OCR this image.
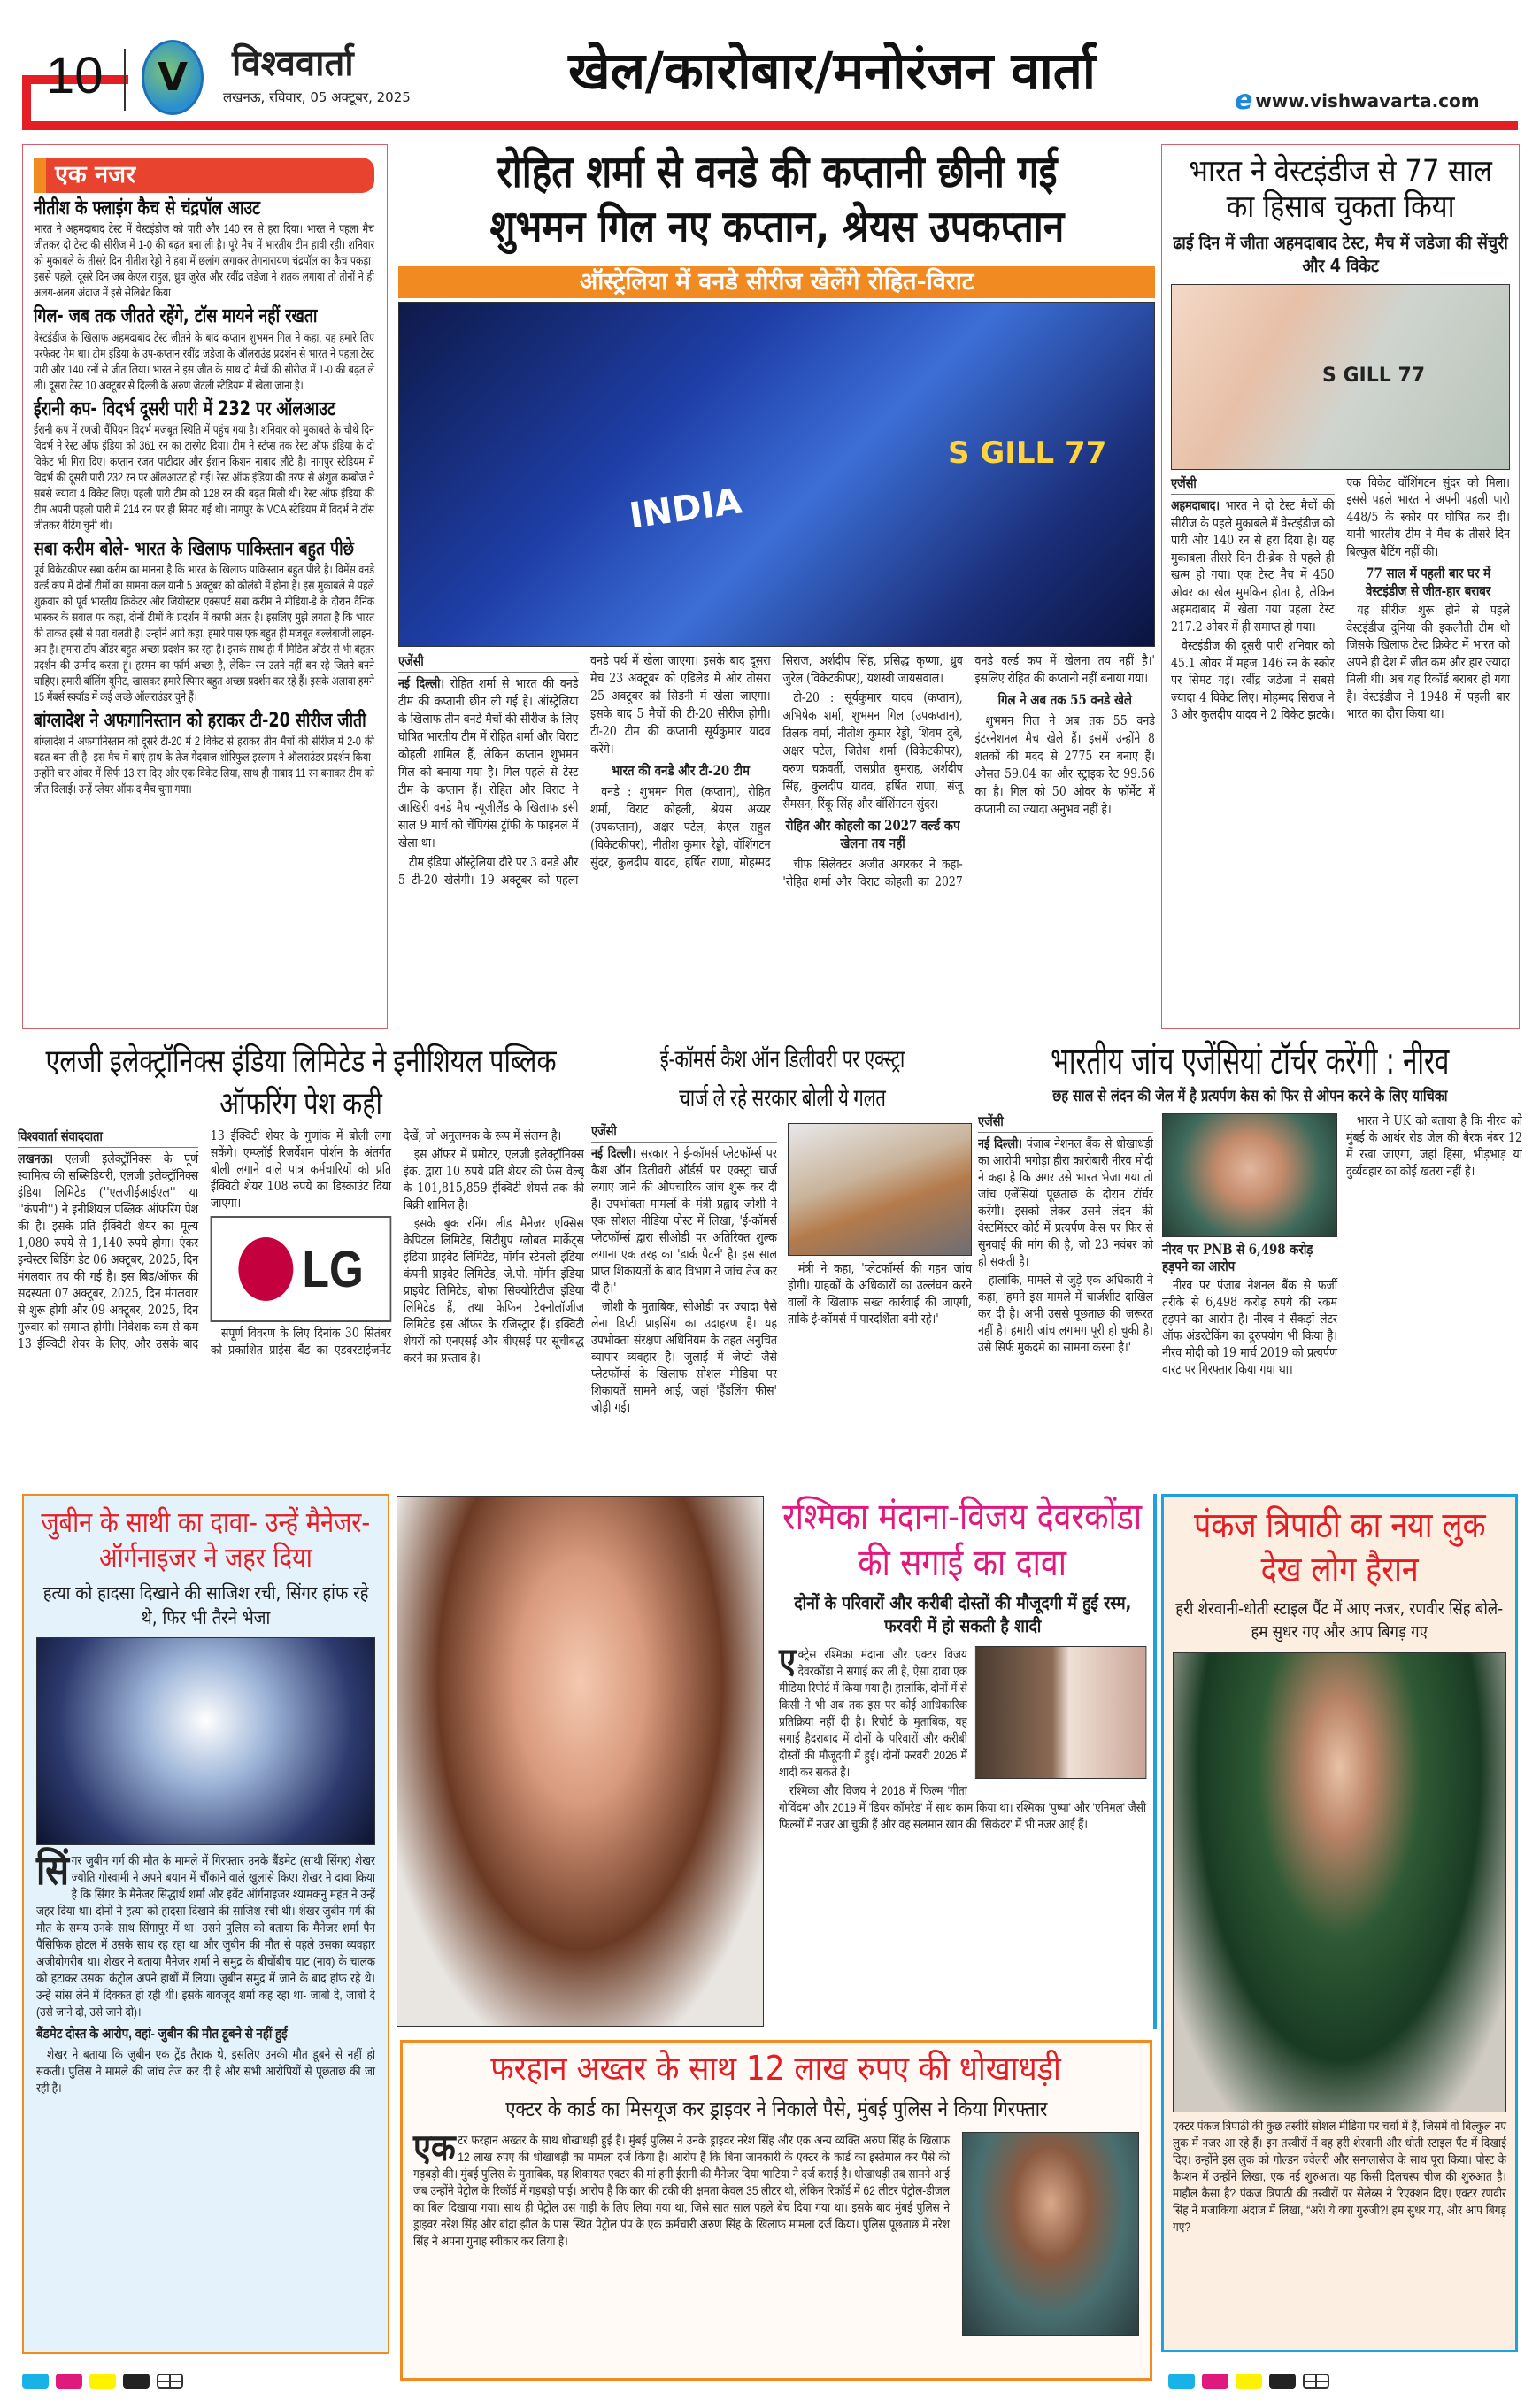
10	V	विश्ववार्ता
लखनऊ, रविवार, 05 अक्टूबर, 2025	खेल/कारोबार/मनोरंजन वार्ता	e www.vishwavarta.com
एक नजर
नीतीश के फ्लाइंग कैच से चंद्रपॉल आउट
भारत ने अहमदाबाद टेस्ट में वेस्टइंडीज को पारी और 140 रन से हरा दिया। भारत ने पहला मैच जीतकर दो टेस्ट की सीरीज में 1-0 की बढ़त बना ली है। पूरे मैच में भारतीय टीम हावी रही। शनिवार को मुकाबले के तीसरे दिन नीतीश रेड्डी ने हवा में छलांग लगाकर तेगनारायण चंद्रपॉल का कैच पकड़ा। इससे पहले, दूसरे दिन जब केएल राहुल, ध्रुव जुरेल और रवींद्र जडेजा ने शतक लगाया तो तीनों ने ही अलग-अलग अंदाज में इसे सेलिब्रेट किया।
गिल- जब तक जीतते रहेंगे, टॉस मायने नहीं रखता
वेस्टइंडीज के खिलाफ अहमदाबाद टेस्ट जीतने के बाद कप्तान शुभमन गिल ने कहा, यह हमारे लिए परफेक्ट गेम था। टीम इंडिया के उप-कप्तान रवींद्र जडेजा के ऑलराउंड प्रदर्शन से भारत ने पहला टेस्ट पारी और 140 रनों से जीत लिया। भारत ने इस जीत के साथ दो मैचों की सीरीज में 1-0 की बढ़त ले ली। दूसरा टेस्ट 10 अक्टूबर से दिल्ली के अरुण जेटली स्टेडियम में खेला जाना है।
ईरानी कप- विदर्भ दूसरी पारी में 232 पर ऑलआउट
ईरानी कप में रणजी चैंपियन विदर्भ मजबूत स्थिति में पहुंच गया है। शनिवार को मुकाबले के चौथे दिन विदर्भ ने रेस्ट ऑफ इंडिया को 361 रन का टारगेट दिया। टीम ने स्टंप्स तक रेस्ट ऑफ इंडिया के दो विकेट भी गिरा दिए। कप्तान रजत पाटीदार और ईशान किशन नाबाद लौटे है। नागपुर स्टेडियम में विदर्भ की दूसरी पारी 232 रन पर ऑलआउट हो गई। रेस्ट ऑफ इंडिया की तरफ से अंशुल कम्बोज ने सबसे ज्यादा 4 विकेट लिए। पहली पारी टीम को 128 रन की बढ़त मिली थी। रेस्ट ऑफ इंडिया की टीम अपनी पहली पारी में 214 रन पर ही सिमट गई थी। नागपुर के VCA स्टेडियम में विदर्भ ने टॉस जीतकर बैटिंग चुनी थी।
सबा करीम बोले- भारत के खिलाफ पाकिस्तान बहुत पीछे
पूर्व विकेटकीपर सबा करीम का मानना है कि भारत के खिलाफ पाकिस्तान बहुत पीछे है। विमेंस वनडे वर्ल्ड कप में दोनों टीमों का सामना कल यानी 5 अक्टूबर को कोलंबो में होना है। इस मुकाबले से पहले शुक्रवार को पूर्व भारतीय क्रिकेटर और जियोस्टार एक्सपर्ट सबा करीम ने मीडिया-डे के दौरान दैनिक भास्कर के सवाल पर कहा, दोनों टीमों के प्रदर्शन में काफी अंतर है। इसलिए मुझे लगता है कि भारत की ताकत इसी से पता चलती है। उन्होंने आगे कहा, हमारे पास एक बहुत ही मजबूत बल्लेबाजी लाइन-अप है। हमारा टॉप ऑर्डर बहुत अच्छा प्रदर्शन कर रहा है। इसके साथ ही मैं मिडिल ऑर्डर से भी बेहतर प्रदर्शन की उम्मीद करता हूं। हरमन का फॉर्म अच्छा है, लेकिन रन उतने नहीं बन रहे जितने बनने चाहिए। हमारी बॉलिंग यूनिट, खासकर हमारे स्पिनर बहुत अच्छा प्रदर्शन कर रहे हैं। इसके अलावा हमने 15 मेंबर्स स्क्वॉड में कई अच्छे ऑलराउंडर चुने हैं।
बांग्लादेश ने अफगानिस्तान को हराकर टी-20 सीरीज जीती
बांग्लादेश ने अफगानिस्तान को दूसरे टी-20 में 2 विकेट से हराकर तीन मैचों की सीरीज में 2-0 की बढ़त बना ली है। इस मैच में बाएं हाथ के तेज गेंदबाज शोरिफुल इस्लाम ने ऑलराउंडर प्रदर्शन किया। उन्होंने चार ओवर में सिर्फ 13 रन दिए और एक विकेट लिया, साथ ही नाबाद 11 रन बनाकर टीम को जीत दिलाई। उन्हें प्लेयर ऑफ द मैच चुना गया।
रोहित शर्मा से वनडे की कप्तानी छीनी गई
शुभमन गिल नए कप्तान, श्रेयस उपकप्तान
ऑस्ट्रेलिया में वनडे सीरीज खेलेंगे रोहित-विराट
INDIA
S GILL 77
एजेंसी

नई दिल्ली। रोहित शर्मा से भारत की वनडे टीम की कप्तानी छीन ली गई है। ऑस्ट्रेलिया के खिलाफ तीन वनडे मैचों की सीरीज के लिए घोषित भारतीय टीम में रोहित शर्मा और विराट कोहली शामिल हैं, लेकिन कप्तान शुभमन गिल को बनाया गया है। गिल पहले से टेस्ट टीम के कप्तान हैं। रोहित और विराट ने आखिरी वनडे मैच न्यूजीलैंड के खिलाफ इसी साल 9 मार्च को चैंपियंस ट्रॉफी के फाइनल में खेला था।

टीम इंडिया ऑस्ट्रेलिया दौरे पर 3 वनडे और 5 टी-20 खेलेगी। 19 अक्टूबर को पहला वनडे पर्थ में खेला जाएगा। इसके बाद दूसरा मैच 23 अक्टूबर को एडिलेड में और तीसरा 25 अक्टूबर को सिडनी में खेला जाएगा। इसके बाद 5 मैचों की टी-20 सीरीज होगी। टी-20 टीम की कप्तानी सूर्यकुमार यादव करेंगे।

भारत की वनडे और टी-20 टीम

वनडे : शुभमन गिल (कप्तान), रोहित शर्मा, विराट कोहली, श्रेयस अय्यर (उपकप्तान), अक्षर पटेल, केएल राहुल (विकेटकीपर), नीतीश कुमार रेड्डी, वॉशिंगटन सुंदर, कुलदीप यादव, हर्षित राणा, मोहम्मद सिराज, अर्शदीप सिंह, प्रसिद्ध कृष्णा, ध्रुव जुरेल (विकेटकीपर), यशस्वी जायसवाल।

टी-20 : सूर्यकुमार यादव (कप्तान), अभिषेक शर्मा, शुभमन गिल (उपकप्तान), तिलक वर्मा, नीतीश कुमार रेड्डी, शिवम दुबे, अक्षर पटेल, जितेश शर्मा (विकेटकीपर), वरुण चक्रवर्ती, जसप्रीत बुमराह, अर्शदीप सिंह, कुलदीप यादव, हर्षित राणा, संजू सैमसन, रिंकू सिंह और वॉशिंगटन सुंदर।

रोहित और कोहली का 2027 वर्ल्ड कप खेलना तय नहीं

चीफ सिलेक्टर अजीत अगरकर ने कहा- 'रोहित शर्मा और विराट कोहली का 2027 वनडे वर्ल्ड कप में खेलना तय नहीं है।' इसलिए रोहित की कप्तानी नहीं बनाया गया।

गिल ने अब तक 55 वनडे खेले

शुभमन गिल ने अब तक 55 वनडे इंटरनेशनल मैच खेले हैं। इसमें उन्होंने 8 शतकों की मदद से 2775 रन बनाए हैं। औसत 59.04 का और स्ट्राइक रेट 99.56 का है। गिल को 50 ओवर के फॉर्मेट में कप्तानी का ज्यादा अनुभव नहीं है।

भारत ने वेस्टइंडीज से 77 साल का हिसाब चुकता किया
ढाई दिन में जीता अहमदाबाद टेस्ट, मैच में जडेजा की सेंचुरी और 4 विकेट
S GILL 77
एजेंसी

अहमदाबाद। भारत ने दो टेस्ट मैचों की सीरीज के पहले मुकाबले में वेस्टइंडीज को पारी और 140 रन से हरा दिया है। यह मुकाबला तीसरे दिन टी-ब्रेक से पहले ही खत्म हो गया। एक टेस्ट मैच में 450 ओवर का खेल मुमकिन होता है, लेकिन अहमदाबाद में खेला गया पहला टेस्ट 217.2 ओवर में ही समाप्त हो गया।

वेस्टइंडीज की दूसरी पारी शनिवार को 45.1 ओवर में महज 146 रन के स्कोर पर सिमट गई। रवींद्र जडेजा ने सबसे ज्यादा 4 विकेट लिए। मोहम्मद सिराज ने 3 और कुलदीप यादव ने 2 विकेट झटके। एक विकेट वॉशिंगटन सुंदर को मिला। इससे पहले भारत ने अपनी पहली पारी 448/5 के स्कोर पर घोषित कर दी। यानी भारतीय टीम ने मैच के तीसरे दिन बिल्कुल बैटिंग नहीं की।

77 साल में पहली बार घर में वेस्टइंडीज से जीत-हार बराबर

यह सीरीज शुरू होने से पहले वेस्टइंडीज दुनिया की इकलौती टीम थी जिसके खिलाफ टेस्ट क्रिकेट में भारत को अपने ही देश में जीत कम और हार ज्यादा मिली थी। अब यह रिकॉर्ड बराबर हो गया है। वेस्टइंडीज ने 1948 में पहली बार भारत का दौरा किया था।

एलजी इलेक्ट्रॉनिक्स इंडिया लिमिटेड ने इनीशियल पब्लिक ऑफरिंग पेश कही
विश्ववार्ता संवाददाता

लखनऊ। एलजी इलेक्ट्रॉनिक्स के पूर्ण स्वामित्व की सब्सिडियरी, एलजी इलेक्ट्रॉनिक्स इंडिया लिमिटेड (''एलजीईआईएल'' या ''कंपनी'') ने इनीशियल पब्लिक ऑफरिंग पेश की है। इसके प्रति ईक्विटी शेयर का मूल्य 1,080 रुपये से 1,140 रुपये होगा। एंकर इन्वेस्टर बिडिंग डेट 06 अक्टूबर, 2025, दिन मंगलवार तय की गई है। इस बिड/ऑफर की सदस्यता 07 अक्टूबर, 2025, दिन मंगलवार से शुरू होगी और 09 अक्टूबर, 2025, दिन गुरुवार को समाप्त होगी। निवेशक कम से कम 13 ईक्विटी शेयर के लिए, और उसके बाद 13 ईक्विटी शेयर के गुणांक में बोली लगा सकेंगे। एम्प्लॉई रिजर्वेशन पोर्शन के अंतर्गत बोली लगाने वाले पात्र कर्मचारियों को प्रति ईक्विटी शेयर 108 रुपये का डिस्काउंट दिया जाएगा।

LG

संपूर्ण विवरण के लिए दिनांक 30 सितंबर को प्रकाशित प्राईस बैंड का एडवरटाईजमेंट देखें, जो अनुलग्नक के रूप में संलग्न है।

इस ऑफर में प्रमोटर, एलजी इलेक्ट्रॉनिक्स इंक. द्वारा 10 रुपये प्रति शेयर की फेस वैल्यू के 101,815,859 ईक्विटी शेयर्स तक की बिक्री शामिल है।

इसके बुक रनिंग लीड मैनेजर एक्सिस कैपिटल लिमिटेड, सिटीग्रुप ग्लोबल मार्केट्स इंडिया प्राइवेट लिमिटेड, मॉर्गन स्टेनली इंडिया कंपनी प्राइवेट लिमिटेड, जे.पी. मॉर्गन इंडिया प्राइवेट लिमिटेड, बोफा सिक्योरिटीज इंडिया लिमिटेड हैं, तथा केफिन टेक्नोलॉजीज लिमिटेड इस ऑफर के रजिस्ट्रार हैं। इक्विटी शेयरों को एनएसई और बीएसई पर सूचीबद्ध करने का प्रस्ताव है।

ई-कॉमर्स कैश ऑन डिलीवरी पर एक्स्ट्रा
चार्ज ले रहे सरकार बोली ये गलत
एजेंसी

नई दिल्ली। सरकार ने ई-कॉमर्स प्लेटफॉर्म्स पर कैश ऑन डिलीवरी ऑर्डर्स पर एक्स्ट्रा चार्ज लगाए जाने की औपचारिक जांच शुरू कर दी है। उपभोक्ता मामलों के मंत्री प्रह्लाद जोशी ने एक सोशल मीडिया पोस्ट में लिखा, 'ई-कॉमर्स प्लेटफॉर्म्स द्वारा सीओडी पर अतिरिक्त शुल्क लगाना एक तरह का 'डार्क पैटर्न' है। इस साल प्राप्त शिकायतों के बाद विभाग ने जांच तेज कर दी है।'

जोशी के मुताबिक, सीओडी पर ज्यादा पैसे लेना डिप्टी प्राइसिंग का उदाहरण है। यह उपभोक्ता संरक्षण अधिनियम के तहत अनुचित व्यापार व्यवहार है। जुलाई में जेप्टो जैसे प्लेटफॉर्म्स के खिलाफ सोशल मीडिया पर शिकायतें सामने आई, जहां 'हैंडलिंग फीस' जोड़ी गई।

मंत्री ने कहा, 'प्लेटफॉर्म्स की गहन जांच होगी। ग्राहकों के अधिकारों का उल्लंघन करने वालों के खिलाफ सख्त कार्रवाई की जाएगी, ताकि ई-कॉमर्स में पारदर्शिता बनी रहे।'

भारतीय जांच एजेंसियां टॉर्चर करेंगी : नीरव
छह साल से लंदन की जेल में है प्रत्यर्पण केस को फिर से ओपन करने के लिए याचिका
एजेंसी

नई दिल्ली। पंजाब नेशनल बैंक से धोखाधड़ी का आरोपी भगोड़ा हीरा कारोबारी नीरव मोदी ने कहा है कि अगर उसे भारत भेजा गया तो जांच एजेंसियां पूछताछ के दौरान टॉर्चर करेंगी। इसको लेकर उसने लंदन की वेस्टमिंस्टर कोर्ट में प्रत्यर्पण केस पर फिर से सुनवाई की मांग की है, जो 23 नवंबर को हो सकती है।

हालांकि, मामले से जुड़े एक अधिकारी ने कहा, 'हमने इस मामले में चार्जशीट दाखिल कर दी है। अभी उससे पूछताछ की जरूरत नहीं है। हमारी जांच लगभग पूरी हो चुकी है। उसे सिर्फ मुकदमे का सामना करना है।'

नीरव पर PNB से 6,498 करोड़ हड़पने का आरोप

नीरव पर पंजाब नेशनल बैंक से फर्जी तरीके से 6,498 करोड़ रुपये की रकम हड़पने का आरोप है। नीरव ने सैकड़ों लेटर ऑफ अंडरटेकिंग का दुरुपयोग भी किया है। नीरव मोदी को 19 मार्च 2019 को प्रत्यर्पण वारंट पर गिरफ्तार किया गया था।

भारत ने UK को बताया है कि नीरव को मुंबई के आर्थर रोड जेल की बैरक नंबर 12 में रखा जाएगा, जहां हिंसा, भीड़भाड़ या दुर्व्यवहार का कोई खतरा नहीं है।

जुबीन के साथी का दावा- उन्हें मैनेजर-ऑर्गनाइजर ने जहर दिया
हत्या को हादसा दिखाने की साजिश रची, सिंगर हांफ रहे थे, फिर भी तैरने भेजा

सिंगर जुबीन गर्ग की मौत के मामले में गिरफ्तार उनके बैंडमेट (साथी सिंगर) शेखर ज्योति गोस्वामी ने अपने बयान में चौंकाने वाले खुलासे किए। शेखर ने दावा किया है कि सिंगर के मैनेजर सिद्धार्थ शर्मा और इवेंट ऑर्गनाइजर श्यामकनु महंत ने उन्हें जहर दिया था। दोनों ने हत्या को हादसा दिखाने की साजिश रची थी। शेखर जुबीन गर्ग की मौत के समय उनके साथ सिंगापुर में था। उसने पुलिस को बताया कि मैनेजर शर्मा पैन पैसिफिक होटल में उसके साथ रह रहा था और जुबीन की मौत से पहले उसका व्यवहार अजीबोगरीब था। शेखर ने बताया मैनेजर शर्मा ने समुद्र के बीचोंबीच याट (नाव) के चालक को हटाकर उसका कंट्रोल अपने हाथों में लिया। जुबीन समुद्र में जाने के बाद हांफ रहे थे। उन्हें सांस लेने में दिक्कत हो रही थी। इसके बावजूद शर्मा कह रहा था- जाबो दे, जाबो दे (उसे जाने दो, उसे जाने दो)।

बैंडमेट दोस्त के आरोप, वहां- जुबीन की मौत डूबने से नहीं हुई

शेखर ने बताया कि जुबीन एक ट्रेंड तैराक थे, इसलिए उनकी मौत डूबने से नहीं हो सकती। पुलिस ने मामले की जांच तेज कर दी है और सभी आरोपियों से पूछताछ की जा रही है।

रश्मिका मंदाना-विजय देवरकोंडा की सगाई का दावा
दोनों के परिवारों और करीबी दोस्तों की मौजूदगी में हुई रस्म, फरवरी में हो सकती है शादी

एक्ट्रेस रश्मिका मंदाना और एक्टर विजय देवरकोंडा ने सगाई कर ली है, ऐसा दावा एक मीडिया रिपोर्ट में किया गया है। हालांकि, दोनों में से किसी ने भी अब तक इस पर कोई आधिकारिक प्रतिक्रिया नहीं दी है। रिपोर्ट के मुताबिक, यह सगाई हैदराबाद में दोनों के परिवारों और करीबी दोस्तों की मौजूदगी में हुई। दोनों फरवरी 2026 में शादी कर सकते हैं।

रश्मिका और विजय ने 2018 में फिल्म 'गीता गोविंदम' और 2019 में 'डियर कॉमरेड' में साथ काम किया था। रश्मिका 'पुष्पा' और 'एनिमल' जैसी फिल्मों में नजर आ चुकी हैं और वह सलमान खान की 'सिकंदर' में भी नजर आई हैं।

पंकज त्रिपाठी का नया लुक देख लोग हैरान
हरी शेरवानी-धोती स्टाइल पैंट में आए नजर, रणवीर सिंह बोले- हम सुधर गए और आप बिगड़ गए

एक्टर पंकज त्रिपाठी की कुछ तस्वीरें सोशल मीडिया पर चर्चा में हैं, जिसमें वो बिल्कुल नए लुक में नजर आ रहे हैं। इन तस्वीरों में वह हरी शेरवानी और धोती स्टाइल पैंट में दिखाई दिए। उन्होंने इस लुक को गोल्डन ज्वेलरी और सनग्लासेज के साथ पूरा किया। पोस्ट के कैप्शन में उन्होंने लिखा, एक नई शुरुआत। यह किसी दिलचस्प चीज की शुरुआत है। माहौल कैसा है? पंकज त्रिपाठी की तस्वीरों पर सेलेब्स ने रिएक्शन दिए। एक्टर रणवीर सिंह ने मजाकिया अंदाज में लिखा, “अरे! ये क्या गुरुजी?! हम सुधर गए, और आप बिगड़ गए?

फरहान अख्तर के साथ 12 लाख रुपए की धोखाधड़ी
एक्टर के कार्ड का मिसयूज कर ड्राइवर ने निकाले पैसे, मुंबई पुलिस ने किया गिरफ्तार

एक टर फरहान अख्तर के साथ धोखाधड़ी हुई है। मुंबई पुलिस ने उनके ड्राइवर नरेश सिंह और एक अन्य व्यक्ति अरुण सिंह के खिलाफ 12 लाख रुपए की धोखाधड़ी का मामला दर्ज किया है। आरोप है कि बिना जानकारी के एक्टर के कार्ड का इस्तेमाल कर पैसे की गड़बड़ी की। मुंबई पुलिस के मुताबिक, यह शिकायत एक्टर की मां हनी ईरानी की मैनेजर दिया भाटिया ने दर्ज कराई है। धोखाधड़ी तब सामने आई जब उन्होंने पेट्रोल के रिकॉर्ड में गड़बड़ी पाई। आरोप है कि कार की टंकी की क्षमता केवल 35 लीटर थी, लेकिन रिकॉर्ड में 62 लीटर पेट्रोल-डीजल का बिल दिखाया गया। साथ ही पेट्रोल उस गाड़ी के लिए लिया गया था, जिसे सात साल पहले बेच दिया गया था। इसके बाद मुंबई पुलिस ने ड्राइवर नरेश सिंह और बांद्रा झील के पास स्थित पेट्रोल पंप के एक कर्मचारी अरुण सिंह के खिलाफ मामला दर्ज किया। पुलिस पूछताछ में नरेश सिंह ने अपना गुनाह स्वीकार कर लिया है।
